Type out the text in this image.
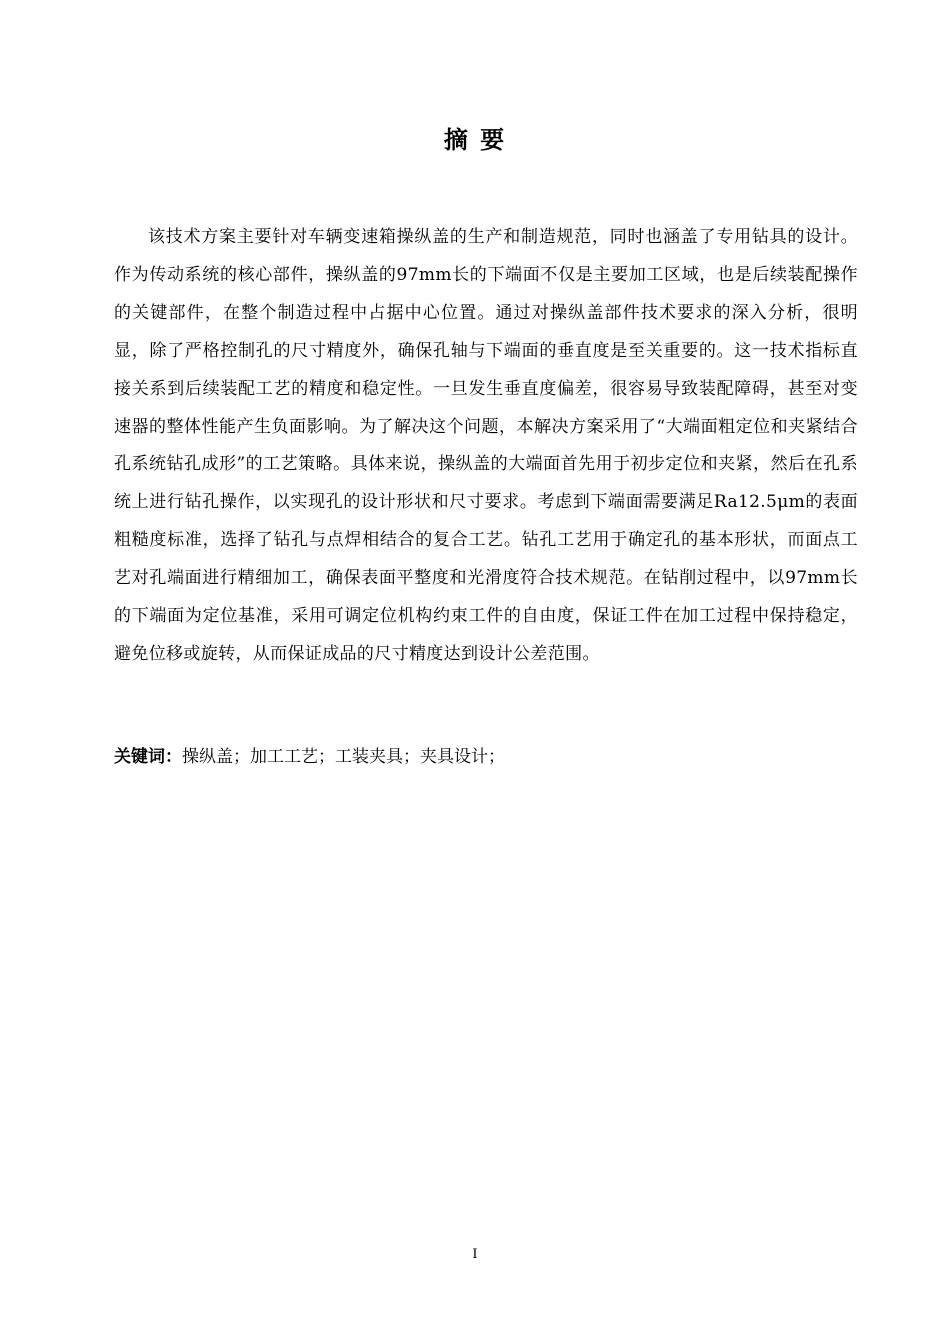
摘 要

该技术方案主要针对车辆变速箱操纵盖的生产和制造规范，同时也涵盖了专用钻具的设计。作为传动系统的核心部件，操纵盖的97mm长的下端面不仅是主要加工区域，也是后续装配操作的关键部件，在整个制造过程中占据中心位置。通过对操纵盖部件技术要求的深入分析，很明显，除了严格控制孔的尺寸精度外，确保孔轴与下端面的垂直度是至关重要的。这一技术指标直接关系到后续装配工艺的精度和稳定性。一旦发生垂直度偏差，很容易导致装配障碍，甚至对变速器的整体性能产生负面影响。为了解决这个问题，本解决方案采用了“大端面粗定位和夹紧结合孔系统钻孔成形”的工艺策略。具体来说，操纵盖的大端面首先用于初步定位和夹紧，然后在孔系统上进行钻孔操作，以实现孔的设计形状和尺寸要求。考虑到下端面需要满足Ra12.5μm的表面粗糙度标准，选择了钻孔与点焊相结合的复合工艺。钻孔工艺用于确定孔的基本形状，而面点工艺对孔端面进行精细加工，确保表面平整度和光滑度符合技术规范。在钻削过程中，以97mm长的下端面为定位基准，采用可调定位机构约束工件的自由度，保证工件在加工过程中保持稳定，避免位移或旋转，从而保证成品的尺寸精度达到设计公差范围。

关键词：操纵盖；加工工艺；工装夹具；夹具设计；

I
